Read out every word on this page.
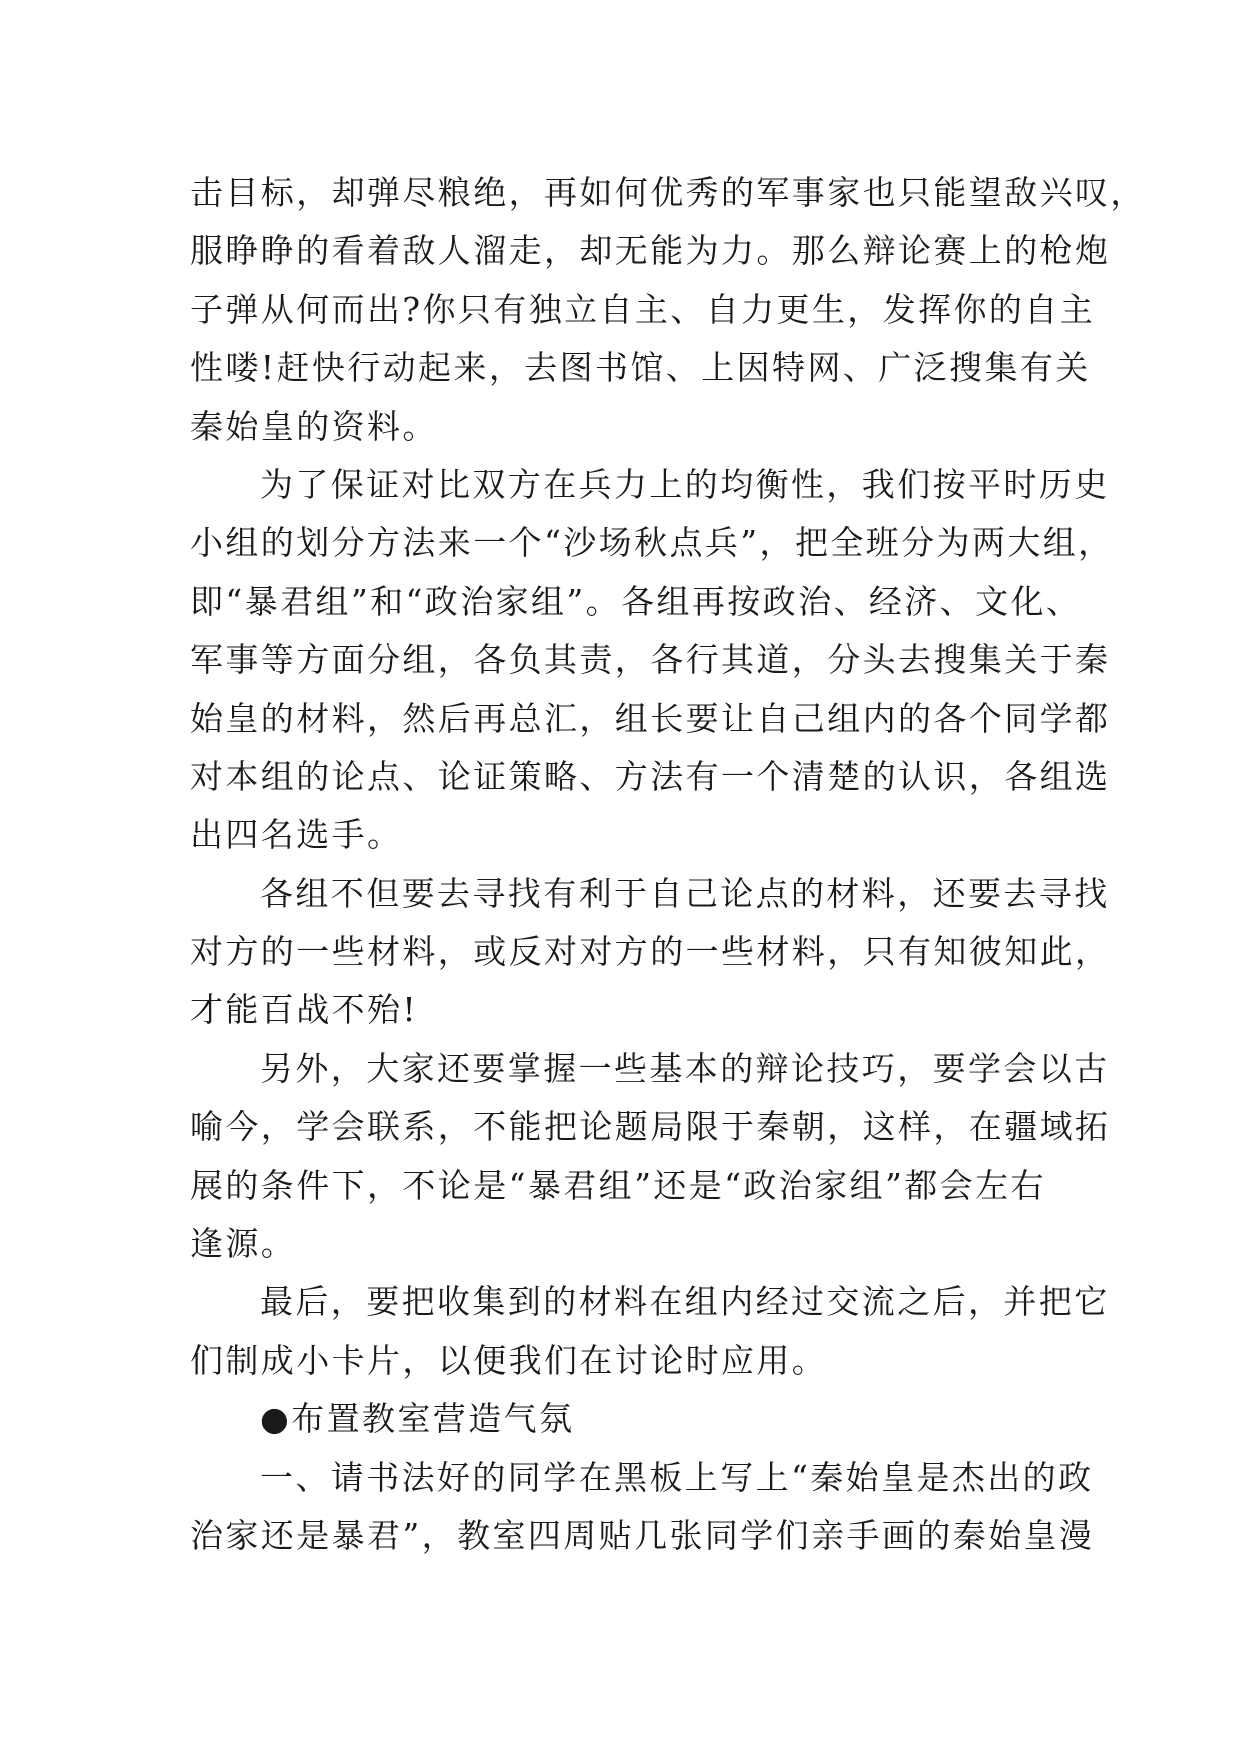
击目标，却弹尽粮绝，再如何优秀的军事家也只能望敌兴叹，
服睁睁的看着敌人溜走，却无能为力。那么辩论赛上的枪炮
子弹从何而出?你只有独立自主、自力更生，发挥你的自主
性喽!赶快行动起来，去图书馆、上因特网、广泛搜集有关
秦始皇的资料。

为了保证对比双方在兵力上的均衡性，我们按平时历史
小组的划分方法来一个“沙场秋点兵”，把全班分为两大组，
即“暴君组”和“政治家组”。各组再按政治、经济、文化、
军事等方面分组，各负其责，各行其道，分头去搜集关于秦
始皇的材料，然后再总汇，组长要让自己组内的各个同学都
对本组的论点、论证策略、方法有一个清楚的认识，各组选
出四名选手。

各组不但要去寻找有利于自己论点的材料，还要去寻找
对方的一些材料，或反对对方的一些材料，只有知彼知此，
才能百战不殆!

另外，大家还要掌握一些基本的辩论技巧，要学会以古
喻今，学会联系，不能把论题局限于秦朝，这样，在疆域拓
展的条件下，不论是“暴君组”还是“政治家组”都会左右
逢源。

最后，要把收集到的材料在组内经过交流之后，并把它
们制成小卡片，以便我们在讨论时应用。

●布置教室营造气氛

一、请书法好的同学在黑板上写上“秦始皇是杰出的政
治家还是暴君”，教室四周贴几张同学们亲手画的秦始皇漫
